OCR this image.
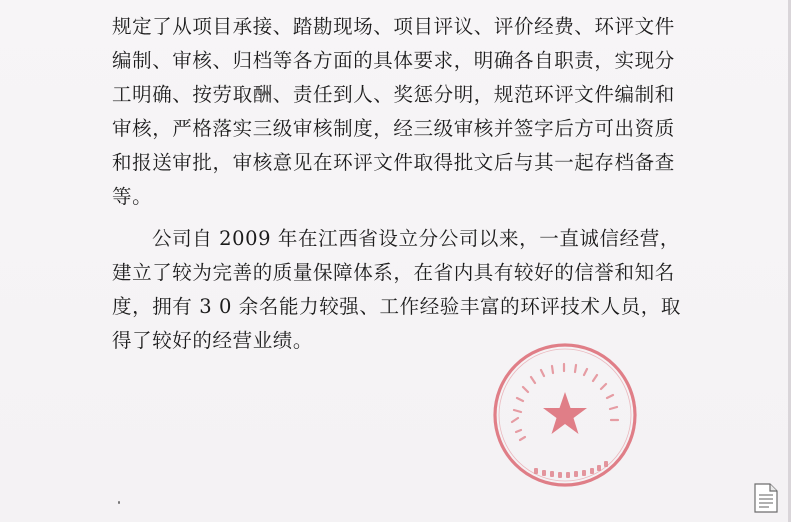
规定了从项目承接、踏勘现场、项目评议、评价经费、环评文件
编制、审核、归档等各方面的具体要求，明确各自职责，实现分
工明确、按劳取酬、责任到人、奖惩分明，规范环评文件编制和
审核，严格落实三级审核制度，经三级审核并签字后方可出资质
和报送审批，审核意见在环评文件取得批文后与其一起存档备查
等。
公司自 2009 年在江西省设立分公司以来，一直诚信经营，
建立了较为完善的质量保障体系，在省内具有较好的信誉和知名
度，拥有 3 0 余名能力较强、工作经验丰富的环评技术人员，取
得了较好的经营业绩。
